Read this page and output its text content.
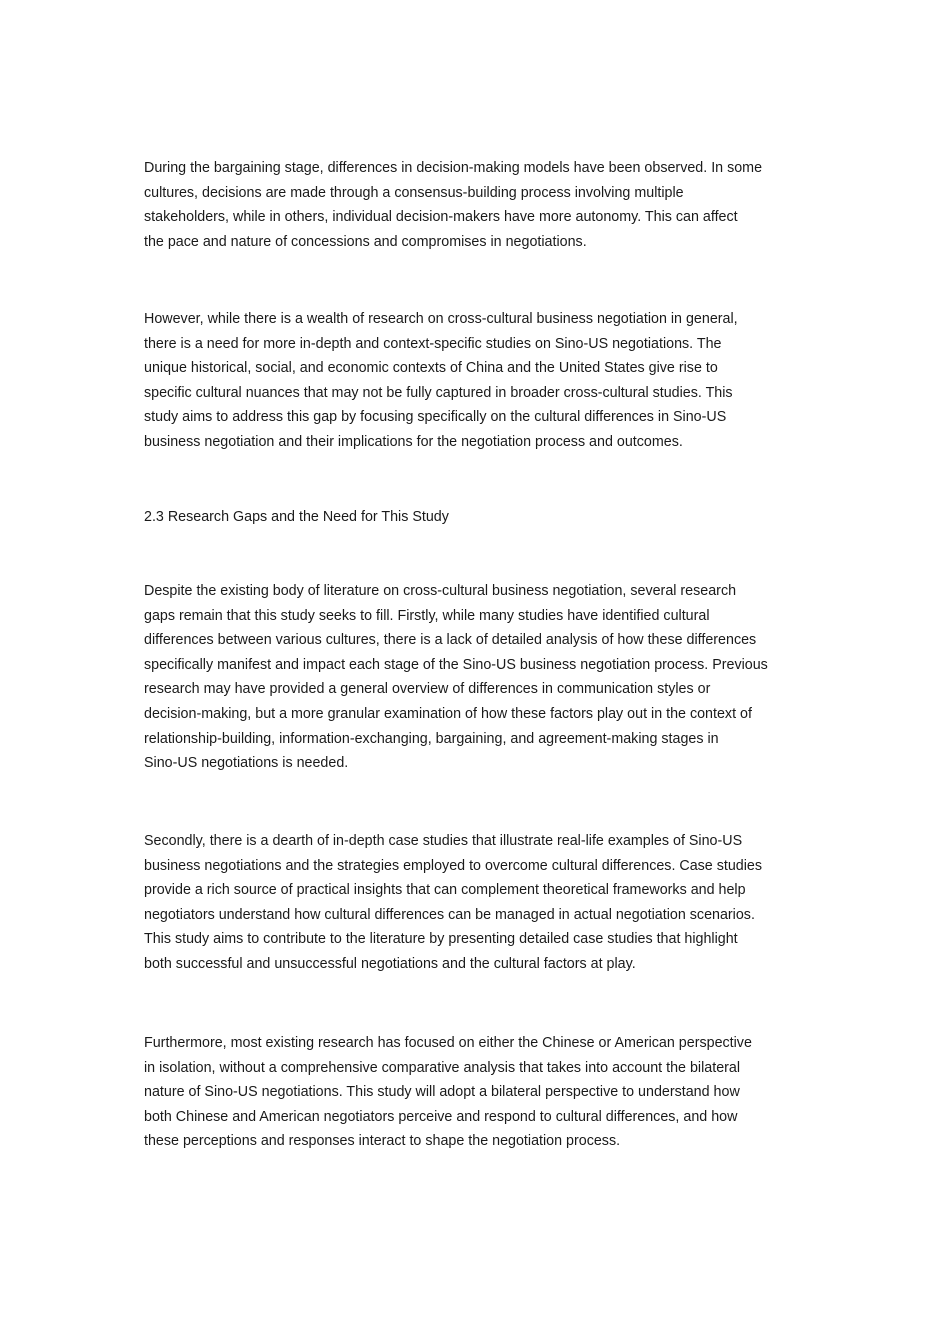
During the bargaining stage, differences in decision-making models have been observed. In some
cultures, decisions are made through a consensus-building process involving multiple
stakeholders, while in others, individual decision-makers have more autonomy. This can affect
the pace and nature of concessions and compromises in negotiations.

However, while there is a wealth of research on cross-cultural business negotiation in general,
there is a need for more in-depth and context-specific studies on Sino-US negotiations. The
unique historical, social, and economic contexts of China and the United States give rise to
specific cultural nuances that may not be fully captured in broader cross-cultural studies. This
study aims to address this gap by focusing specifically on the cultural differences in Sino-US
business negotiation and their implications for the negotiation process and outcomes.

2.3 Research Gaps and the Need for This Study

Despite the existing body of literature on cross-cultural business negotiation, several research
gaps remain that this study seeks to fill. Firstly, while many studies have identified cultural
differences between various cultures, there is a lack of detailed analysis of how these differences
specifically manifest and impact each stage of the Sino-US business negotiation process. Previous
research may have provided a general overview of differences in communication styles or
decision-making, but a more granular examination of how these factors play out in the context of
relationship-building, information-exchanging, bargaining, and agreement-making stages in
Sino-US negotiations is needed.

Secondly, there is a dearth of in-depth case studies that illustrate real-life examples of Sino-US
business negotiations and the strategies employed to overcome cultural differences. Case studies
provide a rich source of practical insights that can complement theoretical frameworks and help
negotiators understand how cultural differences can be managed in actual negotiation scenarios.
This study aims to contribute to the literature by presenting detailed case studies that highlight
both successful and unsuccessful negotiations and the cultural factors at play.

Furthermore, most existing research has focused on either the Chinese or American perspective
in isolation, without a comprehensive comparative analysis that takes into account the bilateral
nature of Sino-US negotiations. This study will adopt a bilateral perspective to understand how
both Chinese and American negotiators perceive and respond to cultural differences, and how
these perceptions and responses interact to shape the negotiation process.
